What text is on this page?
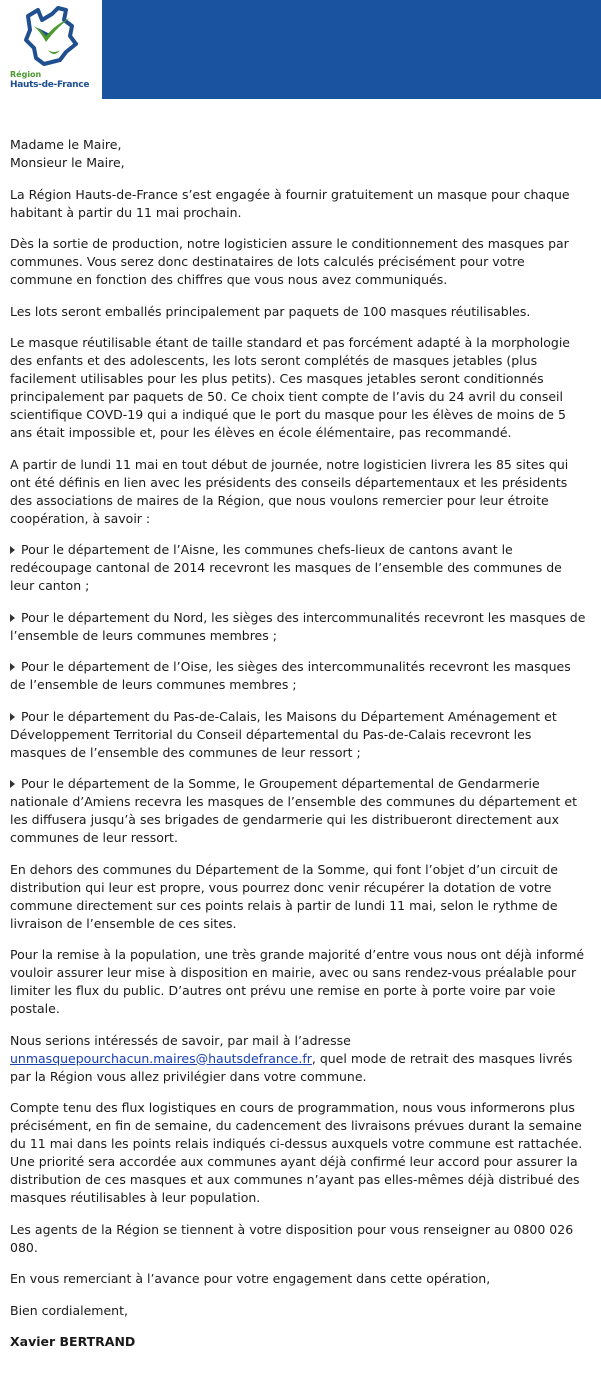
Région
Hauts-de-France

Madame le Maire,
Monsieur le Maire,

La Région Hauts-de-France s’est engagée à fournir gratuitement un masque pour chaque habitant à partir du 11 mai prochain.

Dès la sortie de production, notre logisticien assure le conditionnement des masques par communes. Vous serez donc destinataires de lots calculés précisément pour votre commune en fonction des chiffres que vous nous avez communiqués.

Les lots seront emballés principalement par paquets de 100 masques réutilisables.

Le masque réutilisable étant de taille standard et pas forcément adapté à la morphologie des enfants et des adolescents, les lots seront complétés de masques jetables (plus facilement utilisables pour les plus petits). Ces masques jetables seront conditionnés principalement par paquets de 50. Ce choix tient compte de l’avis du 24 avril du conseil scientifique COVD-19 qui a indiqué que le port du masque pour les élèves de moins de 5 ans était impossible et, pour les élèves en école élémentaire, pas recommandé.

A partir de lundi 11 mai en tout début de journée, notre logisticien livrera les 85 sites qui ont été définis en lien avec les présidents des conseils départementaux et les présidents des associations de maires de la Région, que nous voulons remercier pour leur étroite coopération, à savoir :

Pour le département de l’Aisne, les communes chefs-lieux de cantons avant le redécoupage cantonal de 2014 recevront les masques de l’ensemble des communes de leur canton ;

Pour le département du Nord, les sièges des intercommunalités recevront les masques de l’ensemble de leurs communes membres ;

Pour le département de l’Oise, les sièges des intercommunalités recevront les masques de l’ensemble de leurs communes membres ;

Pour le département du Pas-de-Calais, les Maisons du Département Aménagement et Développement Territorial du Conseil départemental du Pas-de-Calais recevront les masques de l’ensemble des communes de leur ressort ;

Pour le département de la Somme, le Groupement départemental de Gendarmerie nationale d’Amiens recevra les masques de l’ensemble des communes du département et les diffusera jusqu’à ses brigades de gendarmerie qui les distribueront directement aux communes de leur ressort.

En dehors des communes du Département de la Somme, qui font l’objet d’un circuit de distribution qui leur est propre, vous pourrez donc venir récupérer la dotation de votre commune directement sur ces points relais à partir de lundi 11 mai, selon le rythme de livraison de l’ensemble de ces sites.

Pour la remise à la population, une très grande majorité d’entre vous nous ont déjà informé vouloir assurer leur mise à disposition en mairie, avec ou sans rendez-vous préalable pour limiter les flux du public. D’autres ont prévu une remise en porte à porte voire par voie postale.

Nous serions intéressés de savoir, par mail à l’adresse unmasquepourchacun.maires@hautsdefrance.fr, quel mode de retrait des masques livrés par la Région vous allez privilégier dans votre commune.

Compte tenu des flux logistiques en cours de programmation, nous vous informerons plus précisément, en fin de semaine, du cadencement des livraisons prévues durant la semaine du 11 mai dans les points relais indiqués ci-dessus auxquels votre commune est rattachée. Une priorité sera accordée aux communes ayant déjà confirmé leur accord pour assurer la distribution de ces masques et aux communes n’ayant pas elles-mêmes déjà distribué des masques réutilisables à leur population.

Les agents de la Région se tiennent à votre disposition pour vous renseigner au 0800 026 080.

En vous remerciant à l’avance pour votre engagement dans cette opération,

Bien cordialement,

Xavier BERTRAND
